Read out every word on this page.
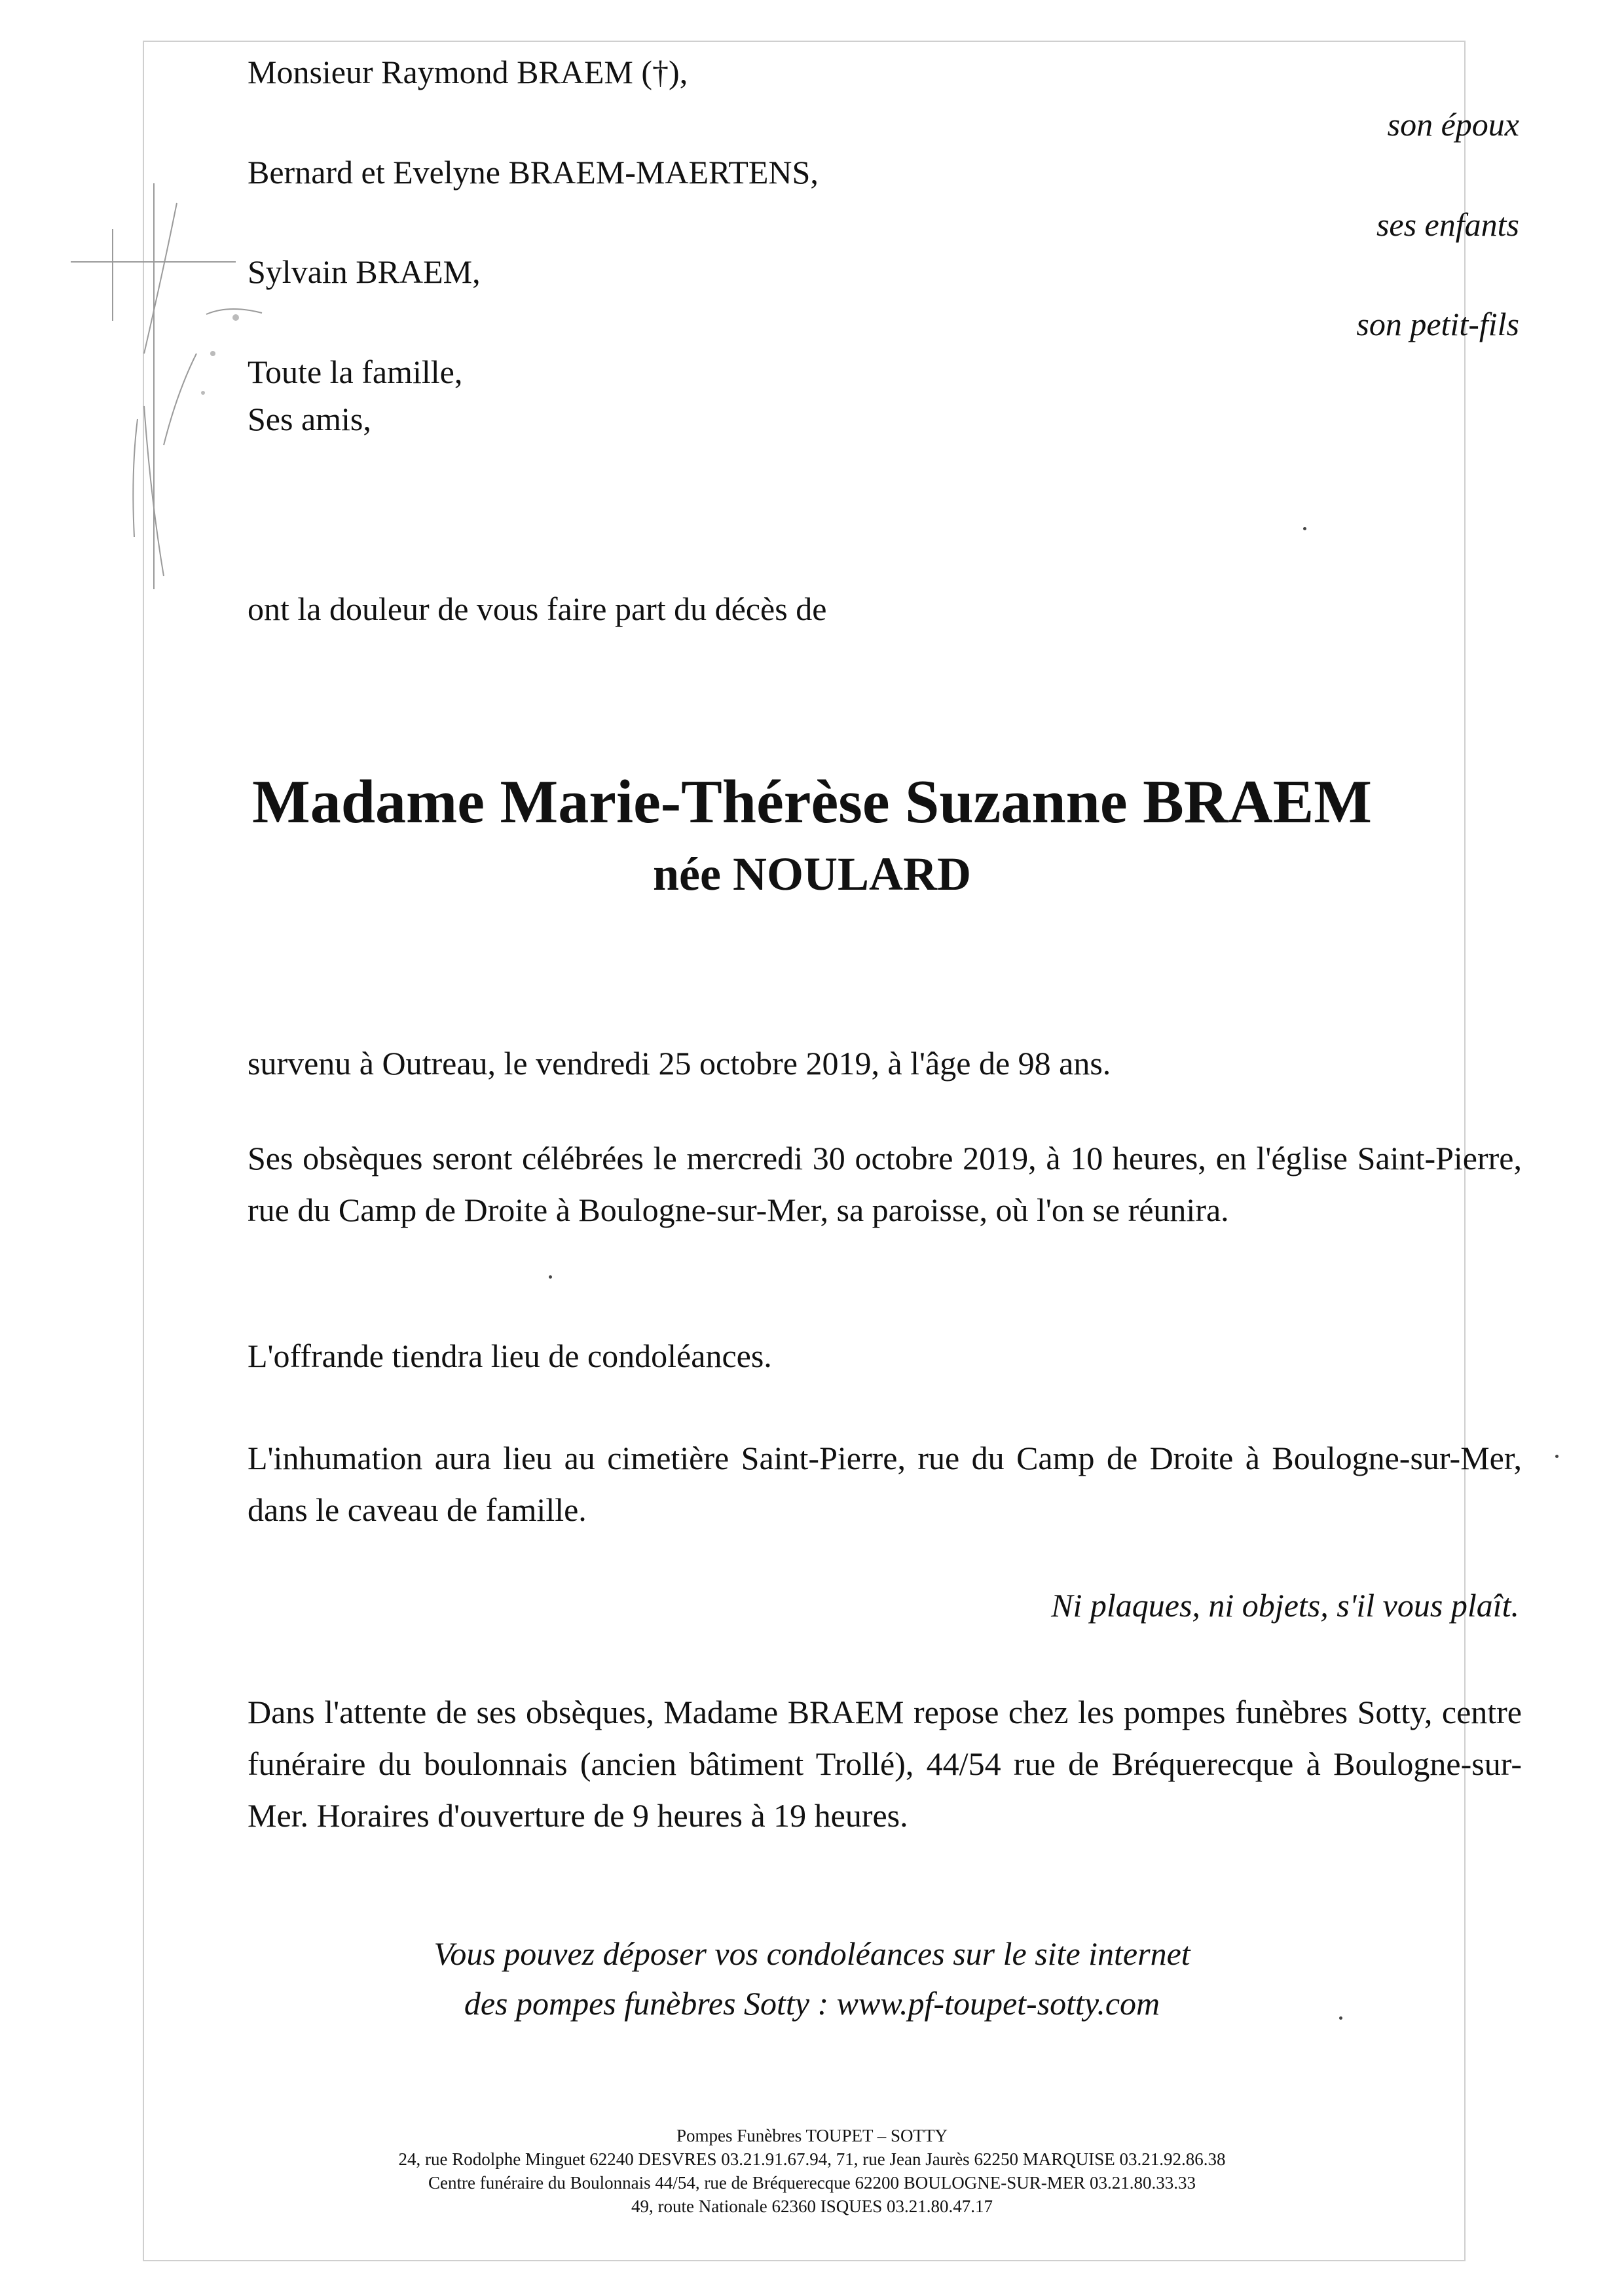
Monsieur Raymond BRAEM (†),
son époux
Bernard et Evelyne BRAEM-MAERTENS,
ses enfants
Sylvain BRAEM,
son petit-fils
Toute la famille,
Ses amis,
ont la douleur de vous faire part du décès de
Madame Marie-Thérèse Suzanne BRAEM
née NOULARD
survenu à Outreau, le vendredi 25 octobre 2019, à l'âge de 98 ans.
Ses obsèques seront célébrées le mercredi 30 octobre 2019, à 10 heures, en l'église Saint-Pierre, rue du Camp de Droite à Boulogne-sur-Mer, sa paroisse, où l'on se réunira.
L'offrande tiendra lieu de condoléances.
L'inhumation aura lieu au cimetière Saint-Pierre, rue du Camp de Droite à Boulogne-sur-Mer, dans le caveau de famille.
Ni plaques, ni objets, s'il vous plaît.
Dans l'attente de ses obsèques, Madame BRAEM repose chez les pompes funèbres Sotty, centre funéraire du boulonnais (ancien bâtiment Trollé), 44/54 rue de Bréquerecque à Boulogne-sur-Mer. Horaires d'ouverture de 9 heures à 19 heures.
Vous pouvez déposer vos condoléances sur le site internet
des pompes funèbres Sotty : www.pf-toupet-sotty.com
Pompes Funèbres TOUPET – SOTTY
24, rue Rodolphe Minguet 62240 DESVRES 03.21.91.67.94, 71, rue Jean Jaurès 62250 MARQUISE 03.21.92.86.38
Centre funéraire du Boulonnais 44/54, rue de Bréquerecque 62200 BOULOGNE-SUR-MER 03.21.80.33.33
49, route Nationale 62360 ISQUES 03.21.80.47.17
